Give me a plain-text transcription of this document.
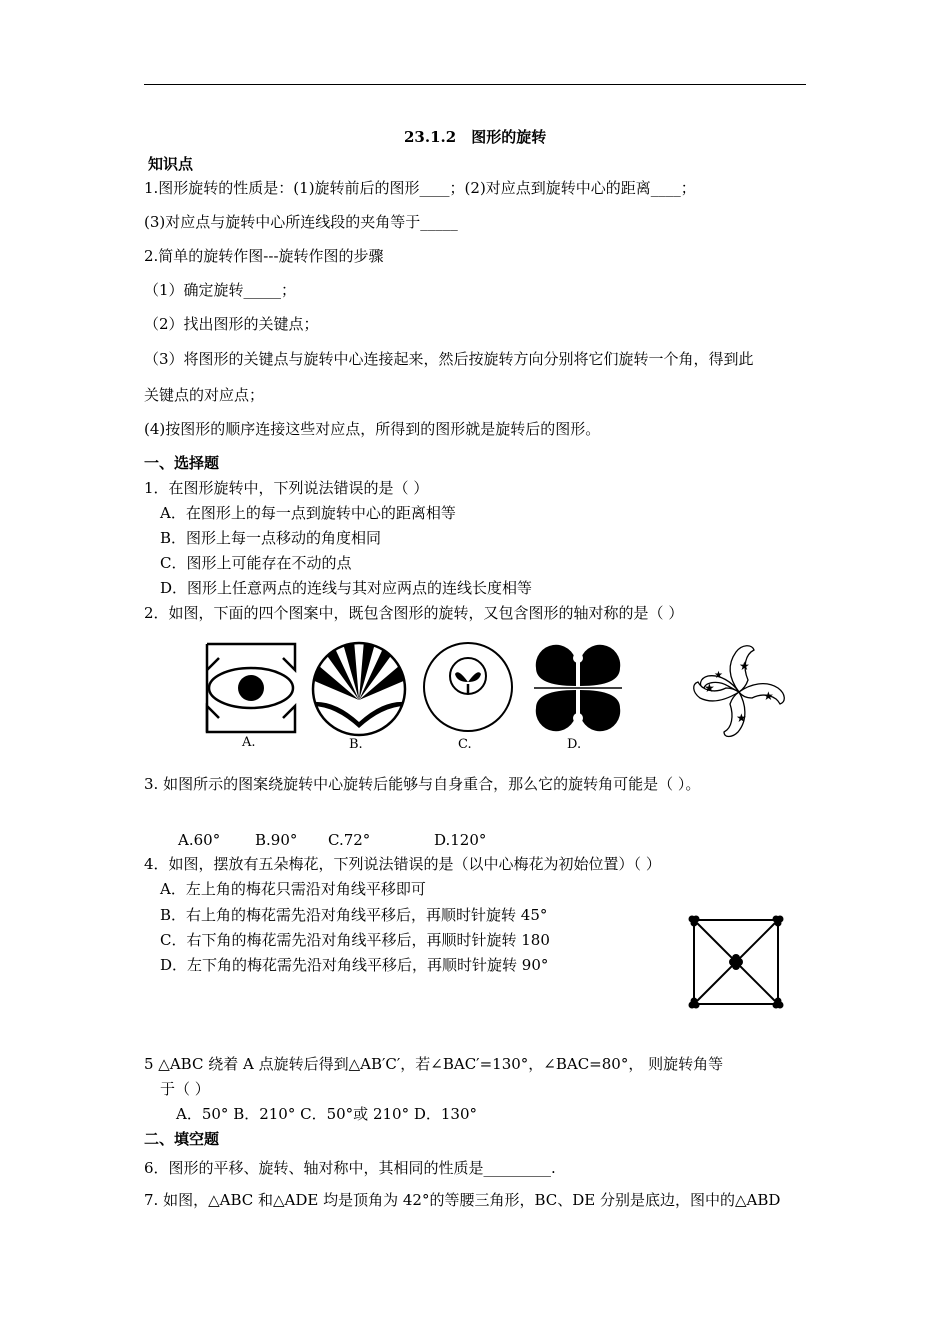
23.1.2　图形的旋转
知识点
1.图形旋转的性质是：(1)旋转前后的图形____；(2)对应点到旋转中心的距离____；
(3)对应点与旋转中心所连线段的夹角等于_____
2.简单的旋转作图---旋转作图的步骤
（1）确定旋转_____；
（2）找出图形的关键点；
（3）将图形的关键点与旋转中心连接起来，然后按旋转方向分别将它们旋转一个角，得到此
关键点的对应点；
(4)按图形的顺序连接这些对应点，所得到的图形就是旋转后的图形。
一、选择题
1．在图形旋转中，下列说法错误的是（ ）
A．在图形上的每一点到旋转中心的距离相等
B．图形上每一点移动的角度相同
C．图形上可能存在不动的点
D．图形上任意两点的连线与其对应两点的连线长度相等
2．如图，下面的四个图案中，既包含图形的旋转，又包含图形的轴对称的是（ ）
A.	B.	C.	D.
★
★
★
★
★
3. 如图所示的图案绕旋转中心旋转后能够与自身重合，那么它的旋转角可能是（ ）。
A.60° B.90° C.72°	D.120°
4．如图，摆放有五朵梅花，下列说法错误的是（以中心梅花为初始位置）（ ）
A．左上角的梅花只需沿对角线平移即可
B．右上角的梅花需先沿对角线平移后，再顺时针旋转 45°
C．右下角的梅花需先沿对角线平移后，再顺时针旋转 180
D．左下角的梅花需先沿对角线平移后，再顺时针旋转 90°
5 △ABC 绕着 A 点旋转后得到△AB′C′，若∠BAC′=130°，∠BAC=80°， 则旋转角等
于（ ）
A．50° B．210° C．50°或 210° D．130°
二、填空题
6．图形的平移、旋转、轴对称中，其相同的性质是_________.
7. 如图，△ABC 和△ADE 均是顶角为 42°的等腰三角形，BC、DE 分别是底边，图中的△ABD
